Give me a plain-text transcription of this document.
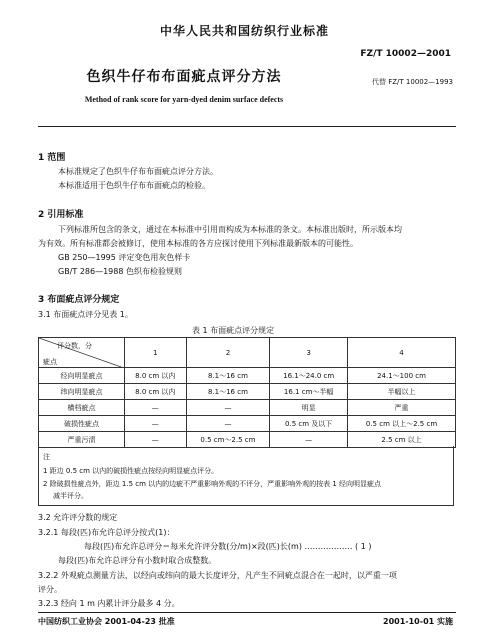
中华人民共和国纺织行业标准
FZ/T 10002—2001
色织牛仔布布面疵点评分方法	代替 FZ/T 10002—1993
Method of rank score for yarn-dyed denim surface defects
1 范围
本标准规定了色织牛仔布布面疵点评分方法。
本标准适用于色织牛仔布布面疵点的检验。
2 引用标准
下列标准所包含的条文，通过在本标准中引用而构成为本标准的条文。本标准出版时，所示版本均
为有效。所有标准都会被修订，使用本标准的各方应探讨使用下列标准最新版本的可能性。
GB 250—1995 评定变色用灰色样卡
GB/T 286—1988 色织布检验规则
3 布面疵点评分规定
3.1 布面疵点评分见表 1。
表 1 布面疵点评分规定
评分数，分
疵点	1	2	3	4
经向明显疵点	8.0 cm 以内	8.1～16 cm	16.1～24.0 cm	24.1～100 cm
纬向明显疵点	8.0 cm 以内	8.1～16 cm	16.1 cm～半幅	半幅以上
横档疵点	—	—	明显	严重
破损性疵点	—	—	0.5 cm 及以下	0.5 cm 以上～2.5 cm
严重污渍	—	0.5 cm～2.5 cm	—	2.5 cm 以上
注
1 距边 0.5 cm 以内的破损性疵点按经向明显疵点评分。
2 除破损性疵点外，距边 1.5 cm 以内的边疵不严重影响外观的不评分，严重影响外观的按表 1 经向明显疵点
减半评分。
3.2 允许评分数的规定
3.2.1 每段(匹)布允许总评分按式(1)：
每段(匹)布允许总评分＝每米允许评分数(分/m)×段(匹)长(m) ……………… ( 1 )
每段(匹)布允许总评分有小数时取合成整数。
3.2.2 外观疵点测量方法，以经向或纬向的最大长度评分，凡产生不同疵点混合在一起时，以严重一项
评分。
3.2.3 经向 1 m 内累计评分最多 4 分。
中国纺织工业协会 2001-04-23 批准	2001-10-01 实施
